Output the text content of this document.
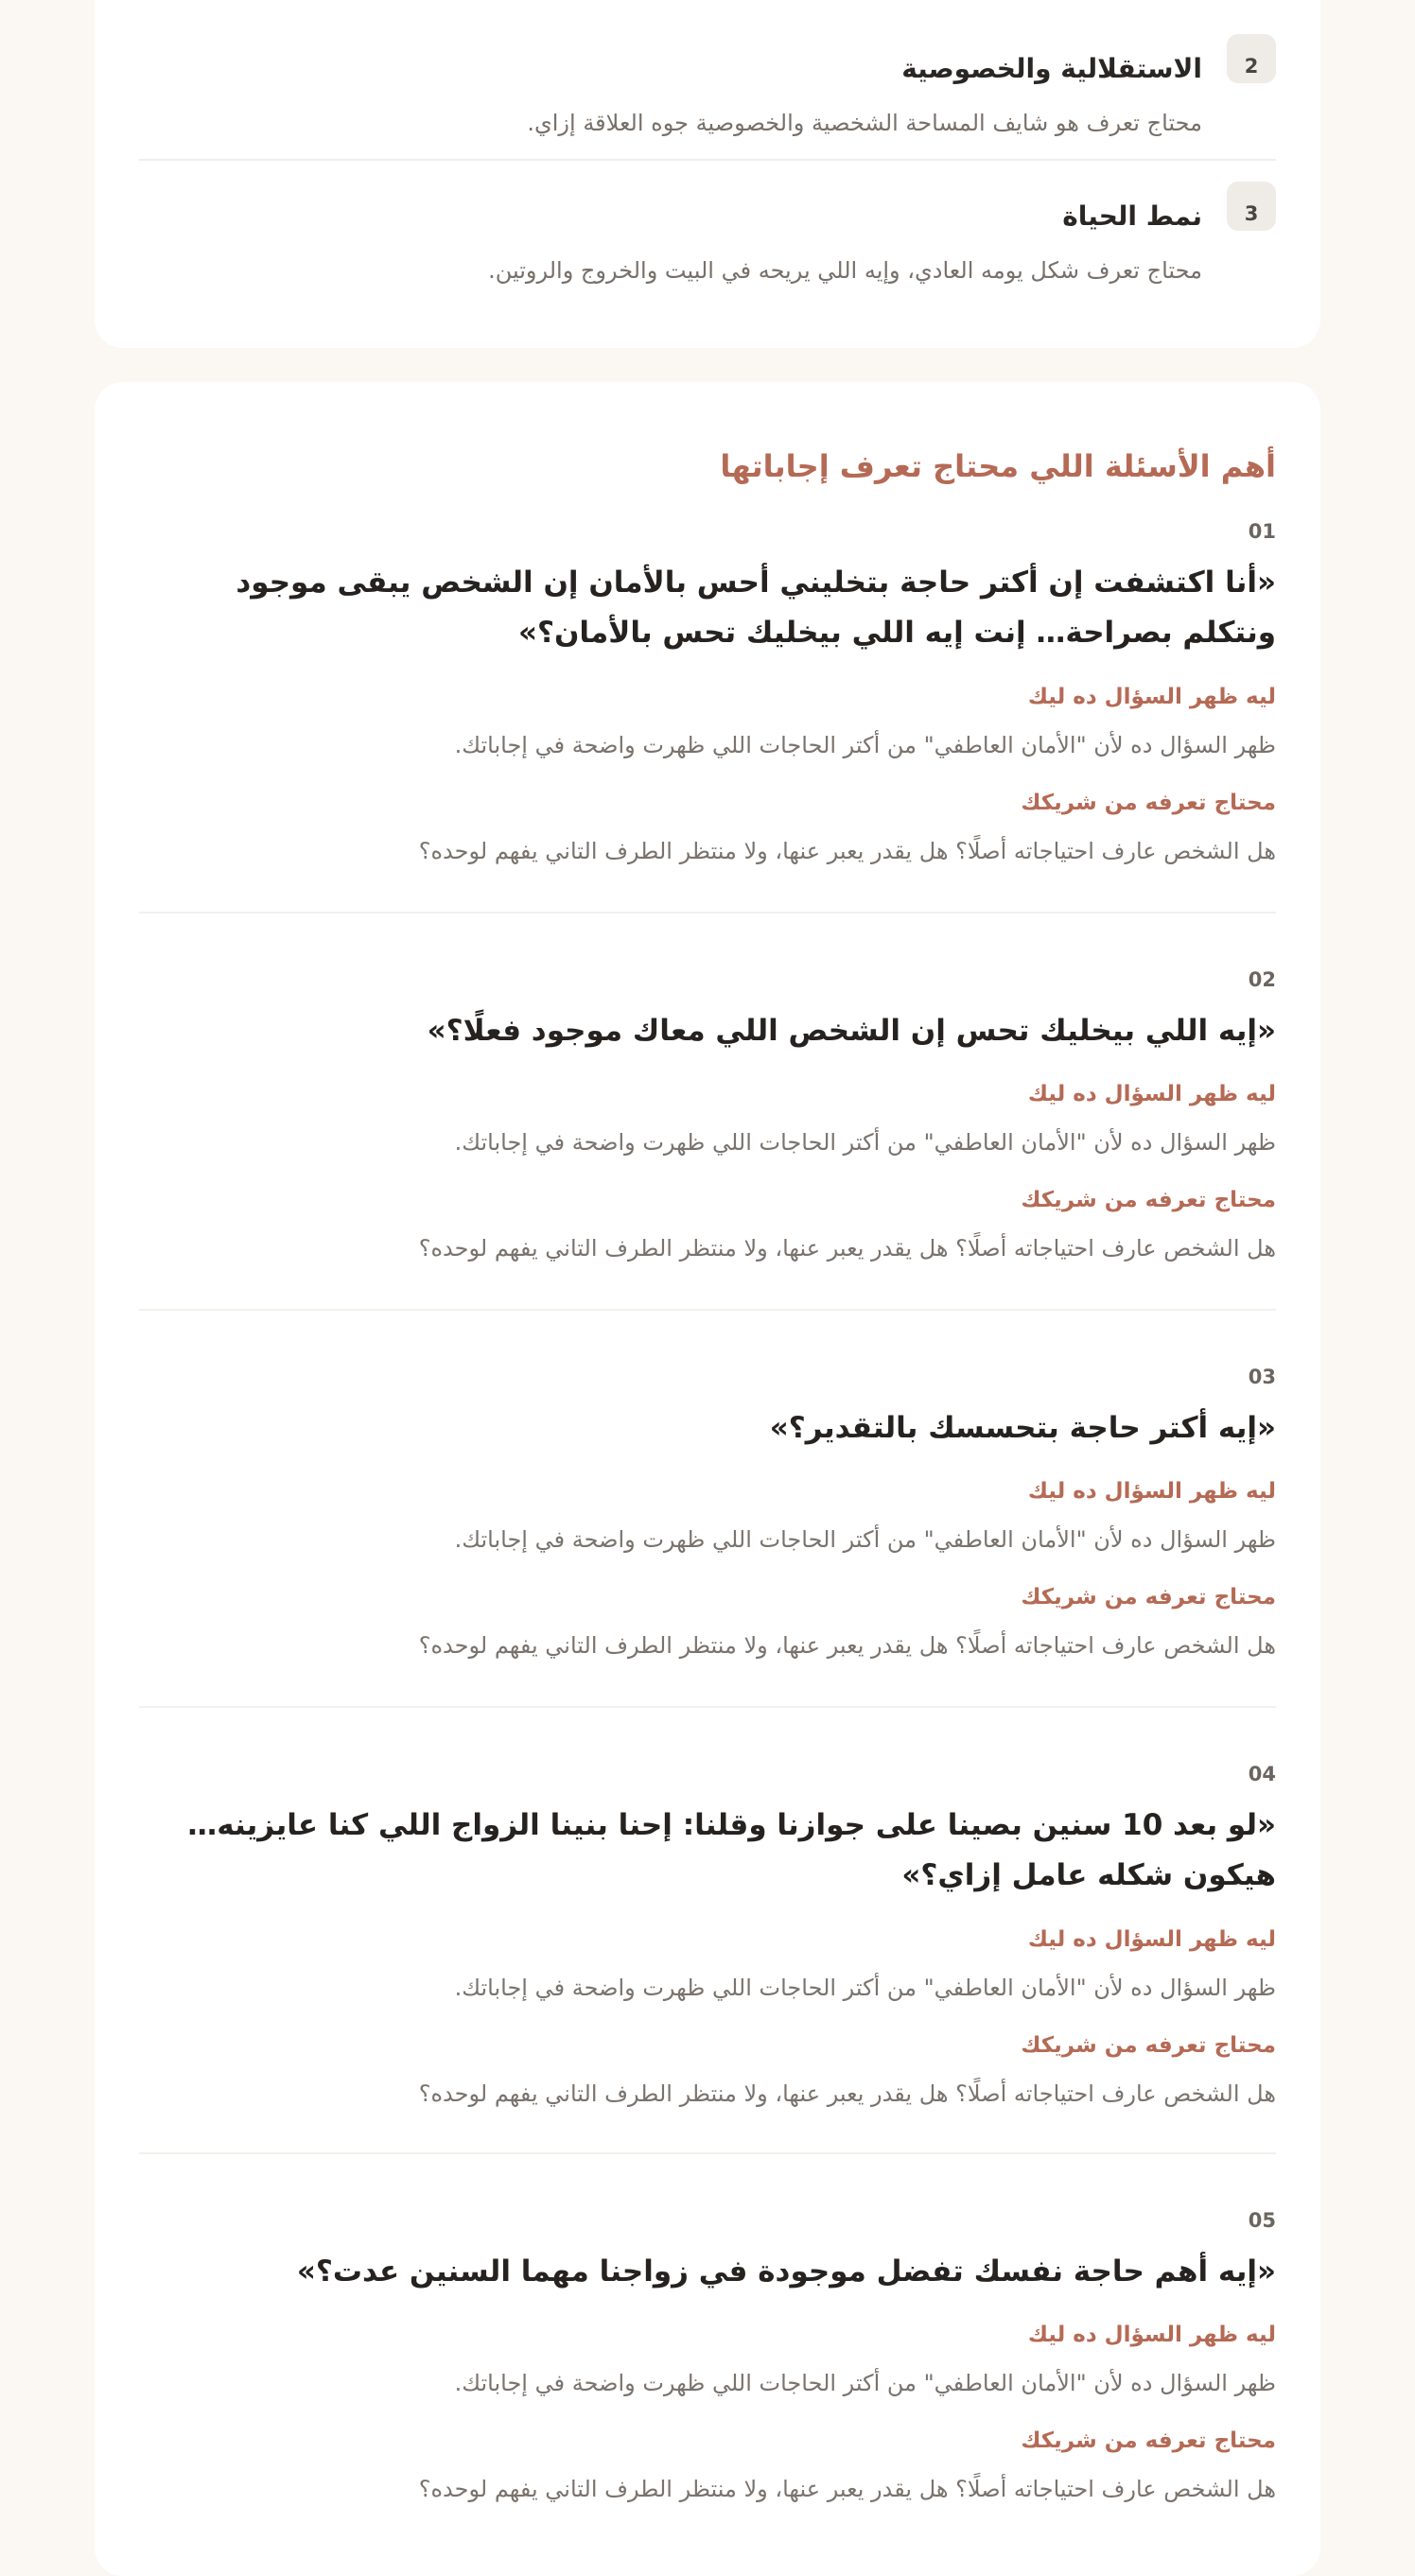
2
الاستقلالية والخصوصية
محتاج تعرف هو شايف المساحة الشخصية والخصوصية جوه العلاقة إزاي.
3
نمط الحياة
محتاج تعرف شكل يومه العادي، وإيه اللي يريحه في البيت والخروج والروتين.
أهم الأسئلة اللي محتاج تعرف إجاباتها
01
«أنا اكتشفت إن أكتر حاجة بتخليني أحس بالأمان إن الشخص يبقى موجود ونتكلم بصراحة… إنت إيه اللي بيخليك تحس بالأمان؟»
ليه ظهر السؤال ده ليك
ظهر السؤال ده لأن "الأمان العاطفي" من أكتر الحاجات اللي ظهرت واضحة في إجاباتك.
محتاج تعرفه من شريكك
هل الشخص عارف احتياجاته أصلًا؟ هل يقدر يعبر عنها، ولا منتظر الطرف التاني يفهم لوحده؟
02
«إيه اللي بيخليك تحس إن الشخص اللي معاك موجود فعلًا؟»
ليه ظهر السؤال ده ليك
ظهر السؤال ده لأن "الأمان العاطفي" من أكتر الحاجات اللي ظهرت واضحة في إجاباتك.
محتاج تعرفه من شريكك
هل الشخص عارف احتياجاته أصلًا؟ هل يقدر يعبر عنها، ولا منتظر الطرف التاني يفهم لوحده؟
03
«إيه أكتر حاجة بتحسسك بالتقدير؟»
ليه ظهر السؤال ده ليك
ظهر السؤال ده لأن "الأمان العاطفي" من أكتر الحاجات اللي ظهرت واضحة في إجاباتك.
محتاج تعرفه من شريكك
هل الشخص عارف احتياجاته أصلًا؟ هل يقدر يعبر عنها، ولا منتظر الطرف التاني يفهم لوحده؟
04
«لو بعد 10 سنين بصينا على جوازنا وقلنا: إحنا بنينا الزواج اللي كنا عايزينه… هيكون شكله عامل إزاي؟»
ليه ظهر السؤال ده ليك
ظهر السؤال ده لأن "الأمان العاطفي" من أكتر الحاجات اللي ظهرت واضحة في إجاباتك.
محتاج تعرفه من شريكك
هل الشخص عارف احتياجاته أصلًا؟ هل يقدر يعبر عنها، ولا منتظر الطرف التاني يفهم لوحده؟
05
«إيه أهم حاجة نفسك تفضل موجودة في زواجنا مهما السنين عدت؟»
ليه ظهر السؤال ده ليك
ظهر السؤال ده لأن "الأمان العاطفي" من أكتر الحاجات اللي ظهرت واضحة في إجاباتك.
محتاج تعرفه من شريكك
هل الشخص عارف احتياجاته أصلًا؟ هل يقدر يعبر عنها، ولا منتظر الطرف التاني يفهم لوحده؟
